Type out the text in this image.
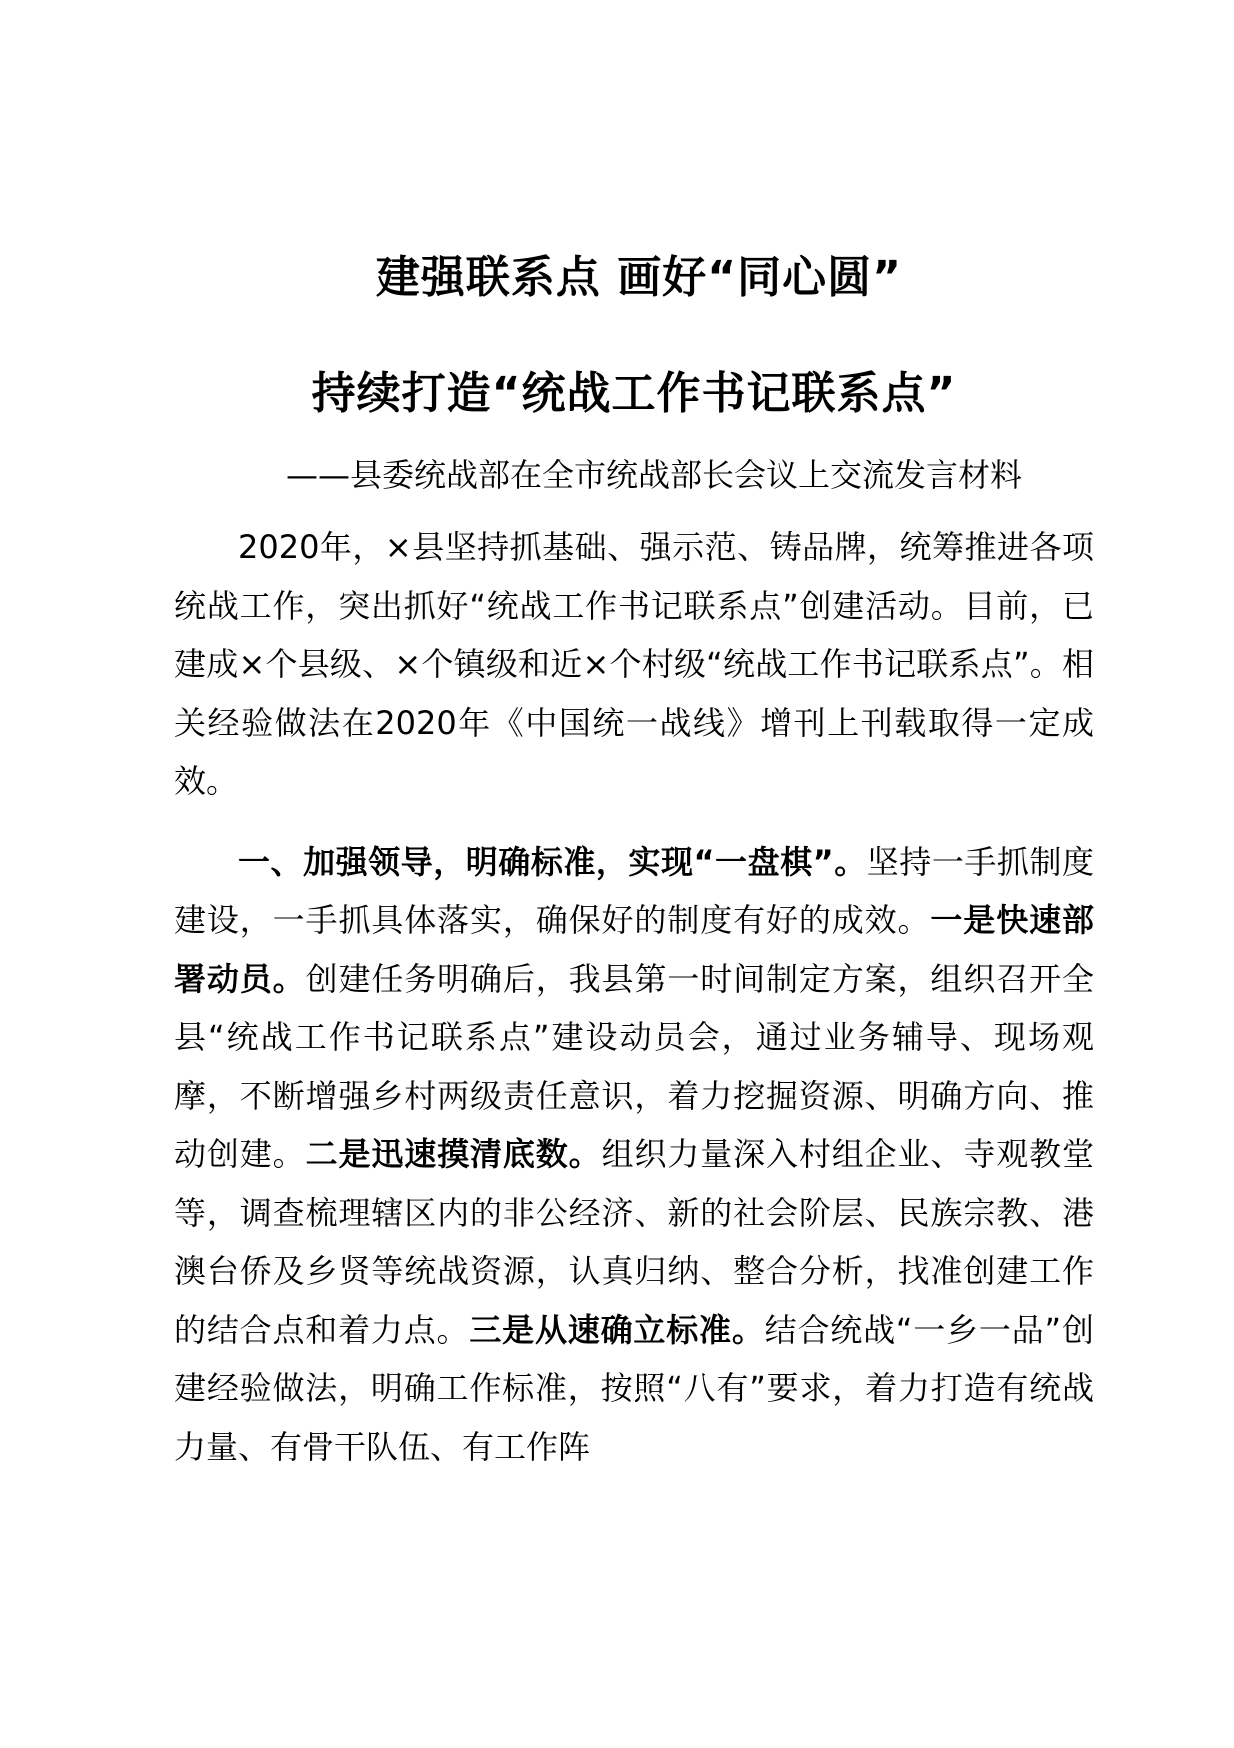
建强联系点 画好“同心圆”
持续打造“统战工作书记联系点”

——县委统战部在全市统战部长会议上交流发言材料

2020年，×县坚持抓基础、强示范、铸品牌，统筹推进各项统战工作，突出抓好“统战工作书记联系点”创建活动。目前，已建成×个县级、×个镇级和近×个村级“统战工作书记联系点”。相关经验做法在2020年《中国统一战线》增刊上刊载取得一定成效。

一、加强领导，明确标准，实现“一盘棋”。坚持一手抓制度建设，一手抓具体落实，确保好的制度有好的成效。一是快速部署动员。创建任务明确后，我县第一时间制定方案，组织召开全县“统战工作书记联系点”建设动员会，通过业务辅导、现场观摩，不断增强乡村两级责任意识，着力挖掘资源、明确方向、推动创建。二是迅速摸清底数。组织力量深入村组企业、寺观教堂等，调查梳理辖区内的非公经济、新的社会阶层、民族宗教、港澳台侨及乡贤等统战资源，认真归纳、整合分析，找准创建工作的结合点和着力点。三是从速确立标准。结合统战“一乡一品”创建经验做法，明确工作标准，按照“八有”要求，着力打造有统战力量、有骨干队伍、有工作阵
